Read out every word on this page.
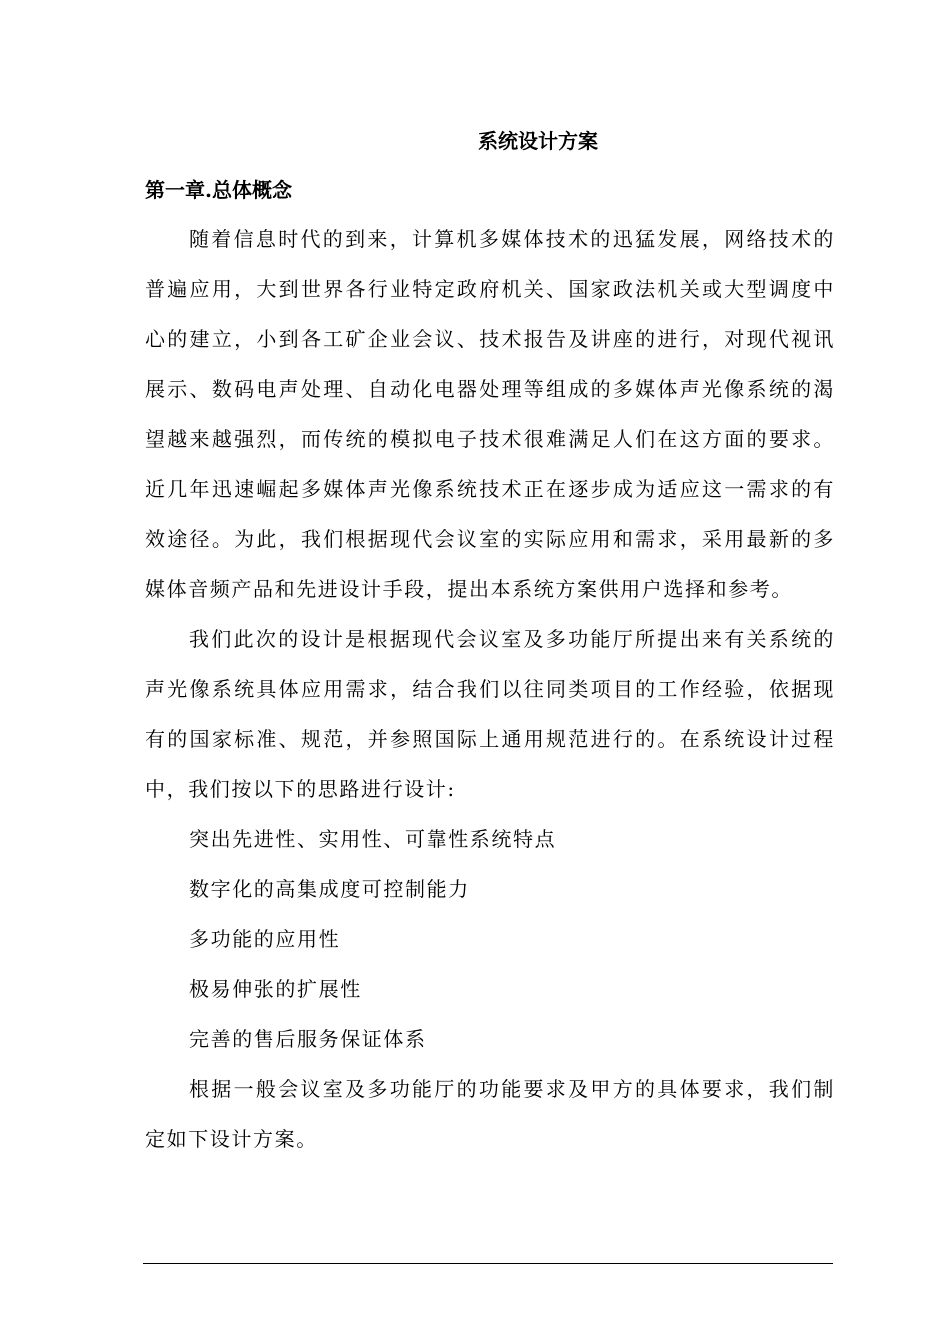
系统设计方案
第一章.总体概念

随着信息时代的到来，计算机多媒体技术的迅猛发展，网络技术的普遍应用，大到世界各行业特定政府机关、国家政法机关或大型调度中心的建立，小到各工矿企业会议、技术报告及讲座的进行，对现代视讯展示、数码电声处理、自动化电器处理等组成的多媒体声光像系统的渴望越来越强烈，而传统的模拟电子技术很难满足人们在这方面的要求。近几年迅速崛起多媒体声光像系统技术正在逐步成为适应这一需求的有效途径。为此，我们根据现代会议室的实际应用和需求，采用最新的多媒体音频产品和先进设计手段，提出本系统方案供用户选择和参考。

我们此次的设计是根据现代会议室及多功能厅所提出来有关系统的声光像系统具体应用需求，结合我们以往同类项目的工作经验，依据现有的国家标准、规范，并参照国际上通用规范进行的。在系统设计过程中，我们按以下的思路进行设计:

突出先进性、实用性、可靠性系统特点
数字化的高集成度可控制能力
多功能的应用性
极易伸张的扩展性
完善的售后服务保证体系

根据一般会议室及多功能厅的功能要求及甲方的具体要求，我们制定如下设计方案。
